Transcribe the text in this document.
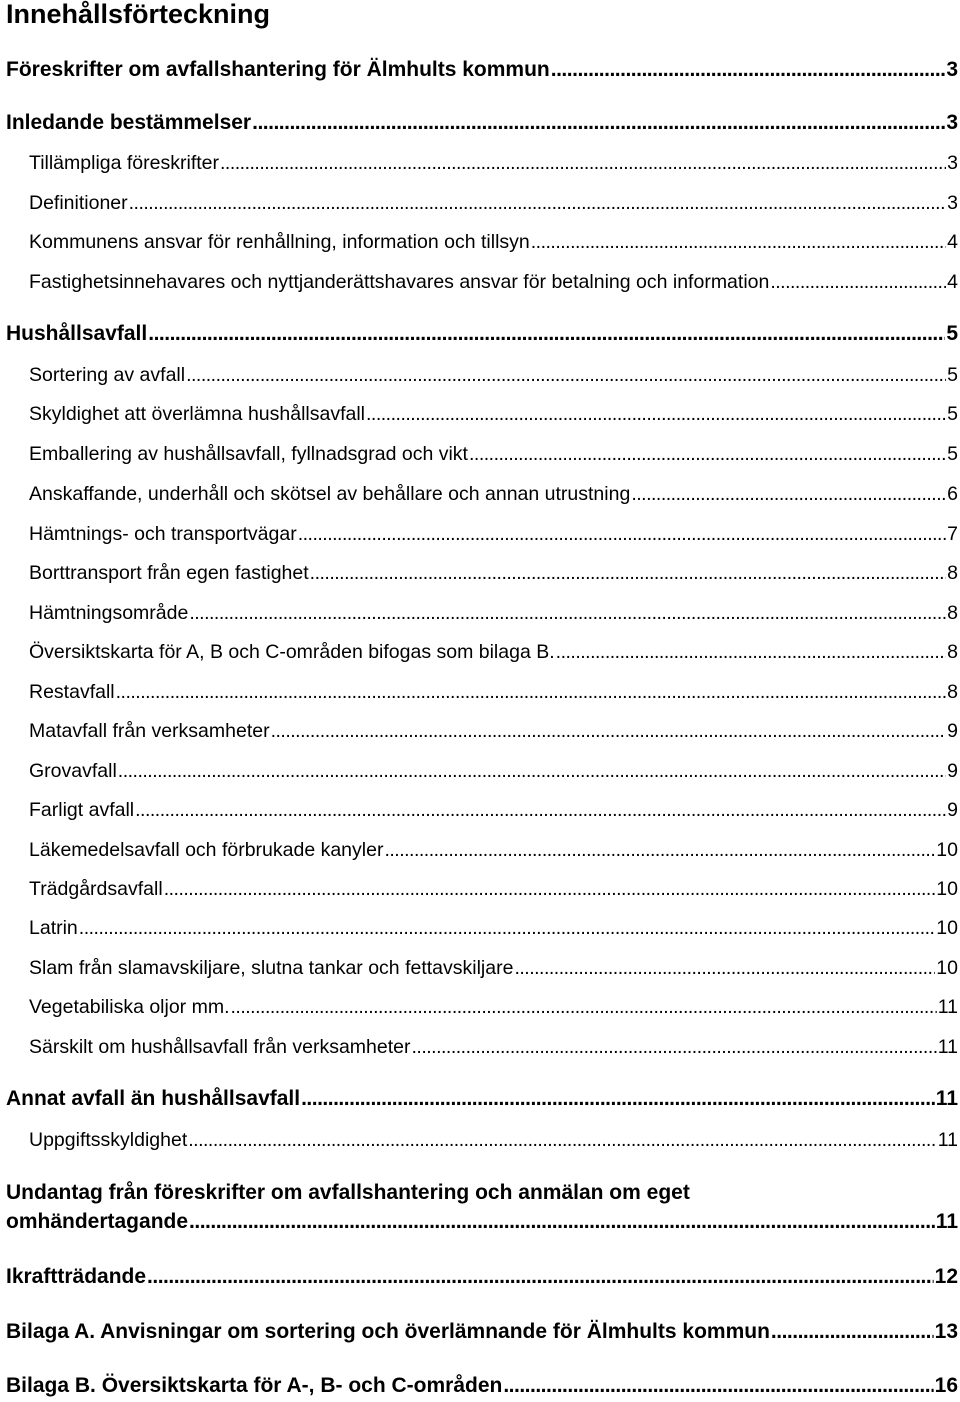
Innehållsförteckning
Föreskrifter om avfallshantering för Älmhults kommun .....	3
Inledande bestämmelser .....	3
Tillämpliga föreskrifter .....	3
Definitioner .....	3
Kommunens ansvar för renhållning, information och tillsyn .....	4
Fastighetsinnehavares och nyttjanderättshavares ansvar för betalning och information .....	4
Hushållsavfall .....	5
Sortering av avfall .....	5
Skyldighet att överlämna hushållsavfall .....	5
Emballering av hushållsavfall, fyllnadsgrad och vikt .....	5
Anskaffande, underhåll och skötsel av behållare och annan utrustning .....	6
Hämtnings- och transportvägar .....	7
Borttransport från egen fastighet .....	8
Hämtningsområde .....	8
Översiktskarta för A, B och C-områden bifogas som bilaga B. .....	8
Restavfall .....	8
Matavfall från verksamheter .....	9
Grovavfall .....	9
Farligt avfall .....	9
Läkemedelsavfall och förbrukade kanyler .....	10
Trädgårdsavfall .....	10
Latrin .....	10
Slam från slamavskiljare, slutna tankar och fettavskiljare .....	10
Vegetabiliska oljor mm. .....	11
Särskilt om hushållsavfall från verksamheter .....	11
Annat avfall än hushållsavfall .....	11
Uppgiftsskyldighet .....	11
Undantag från föreskrifter om avfallshantering och anmälan om eget
omhändertagande .....	11
Ikraftträdande .....	12
Bilaga A. Anvisningar om sortering och överlämnande för Älmhults kommun .....	13
Bilaga B. Översiktskarta för A-, B- och C-områden .....	16
